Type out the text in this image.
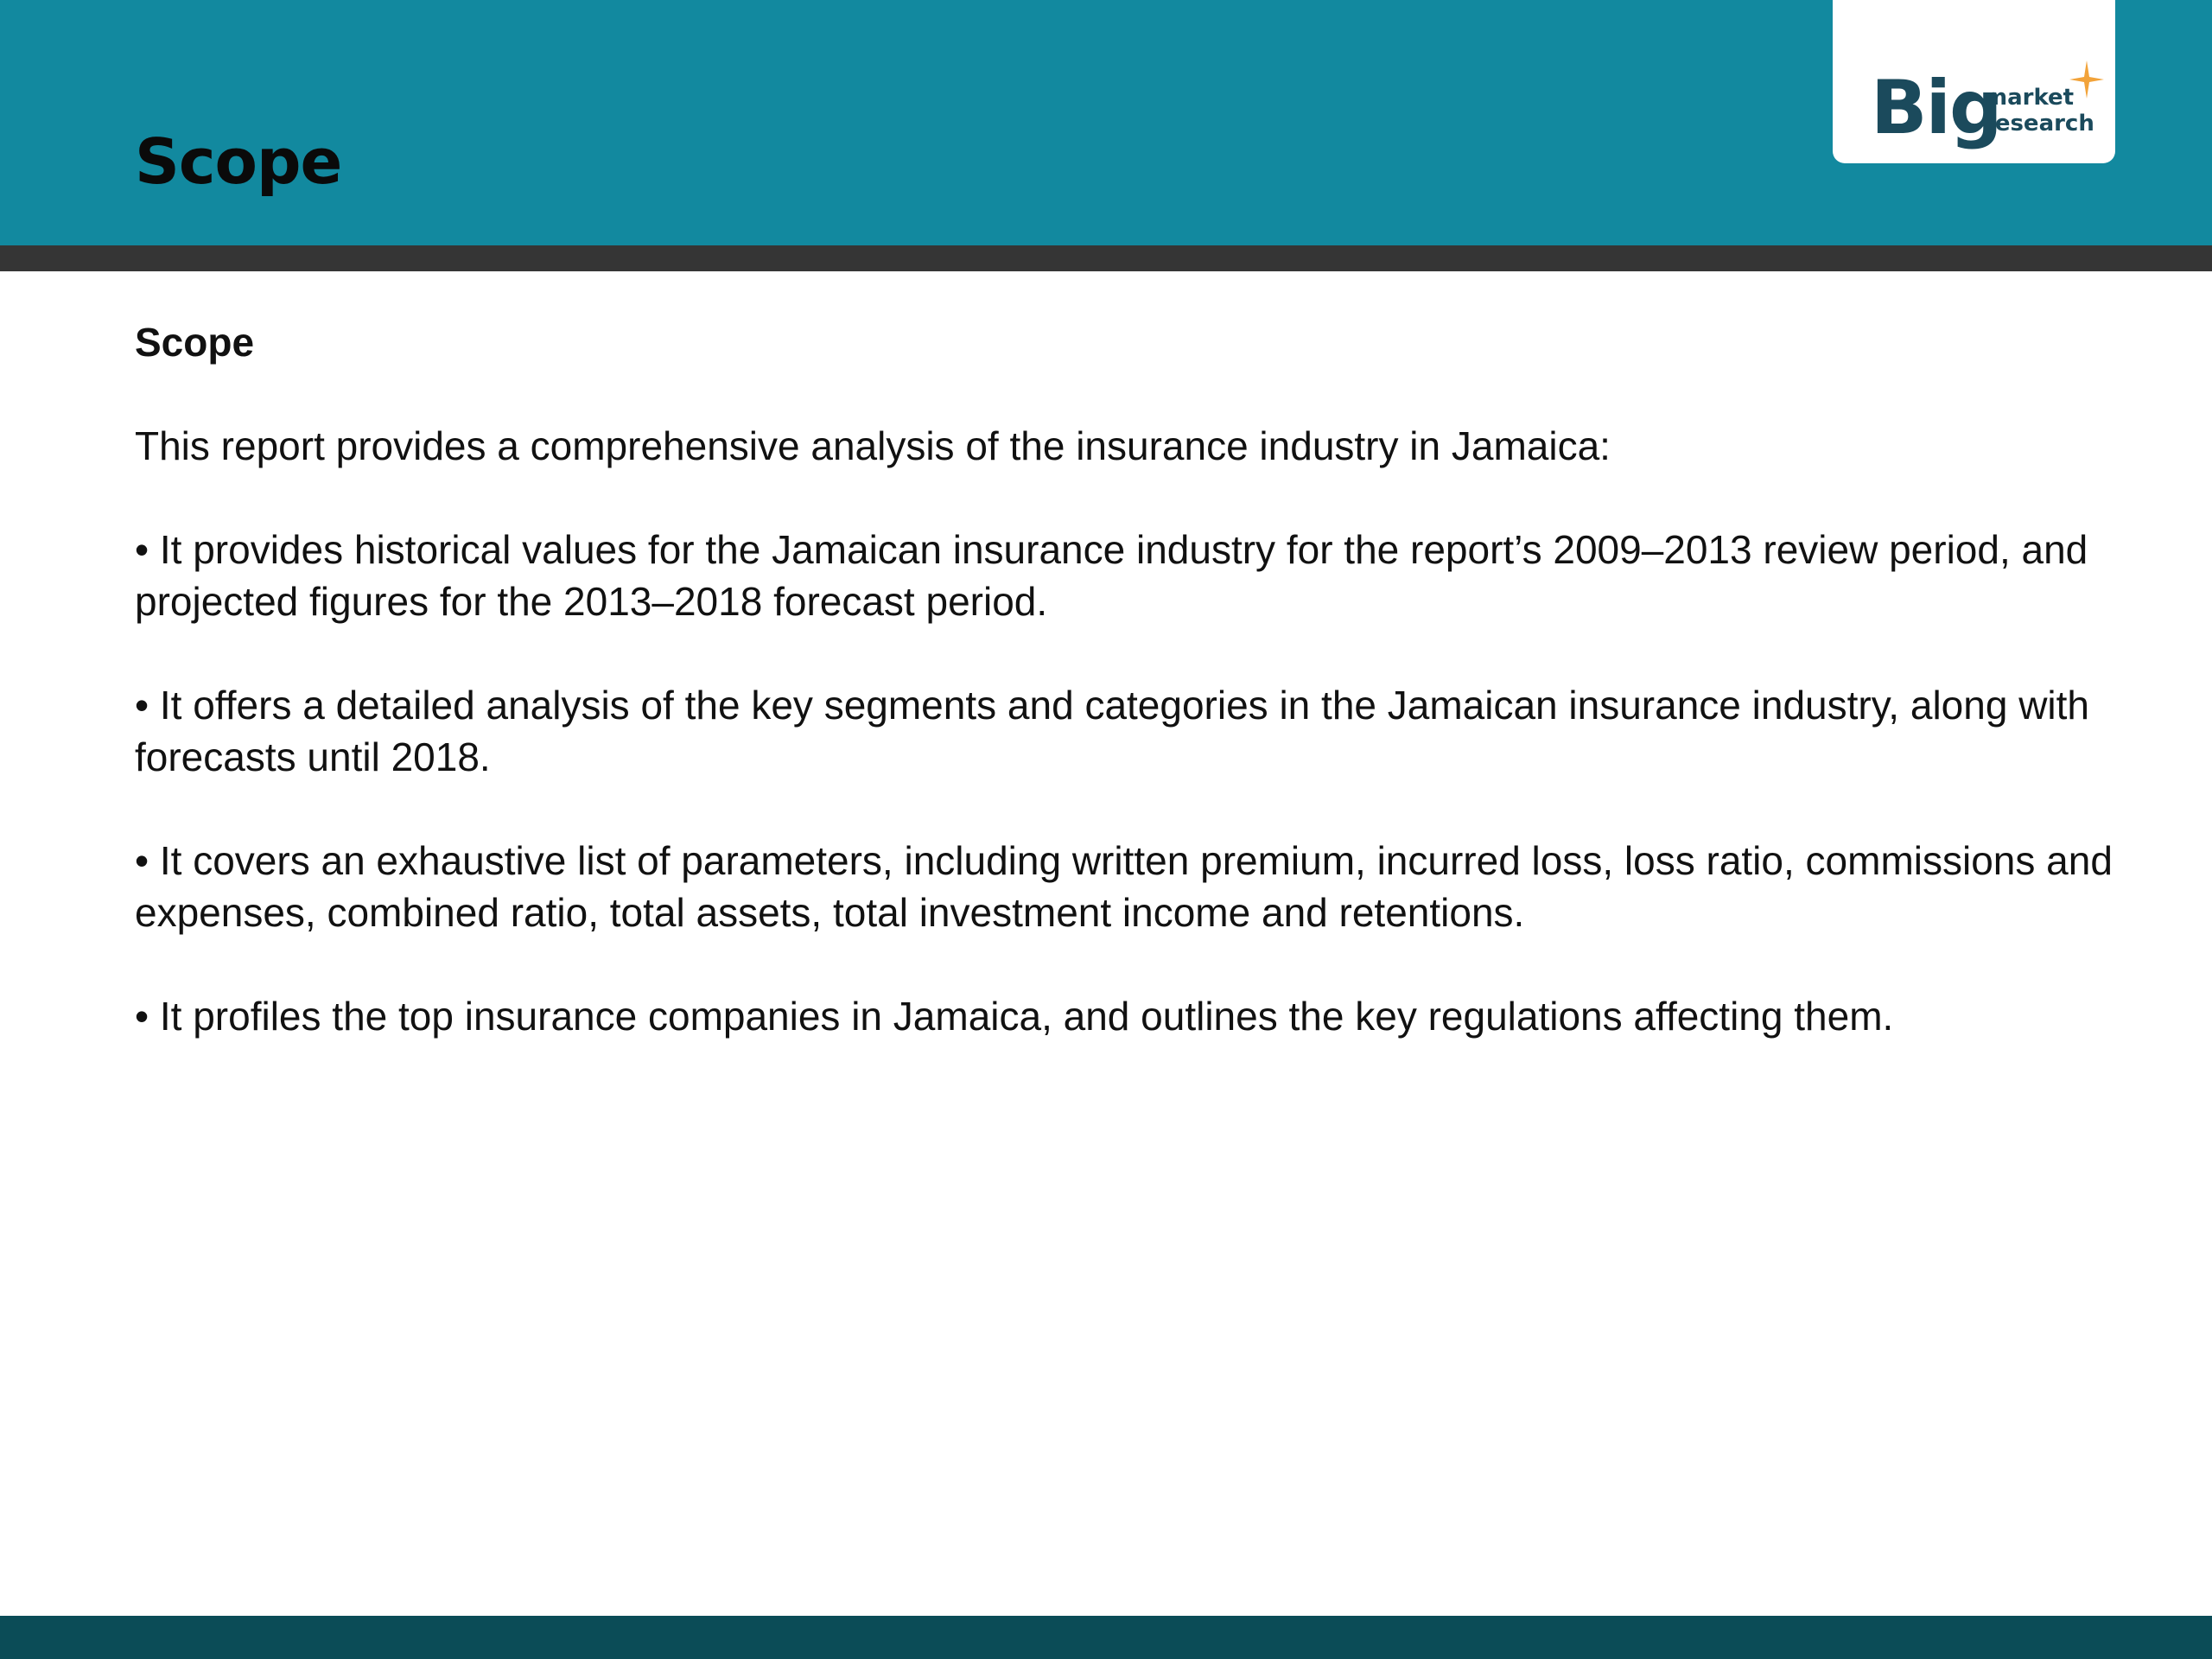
Scope
Big
market
research
Scope

This report provides a comprehensive analysis of the insurance industry in Jamaica:

• It provides historical values for the Jamaican insurance industry for the report’s 2009–2013 review period, and projected figures for the 2013–2018 forecast period.

• It offers a detailed analysis of the key segments and categories in the Jamaican insurance industry, along with forecasts until 2018.

• It covers an exhaustive list of parameters, including written premium, incurred loss, loss ratio, commissions and expenses, combined ratio, total assets, total investment income and retentions.

• It profiles the top insurance companies in Jamaica, and outlines the key regulations affecting them.
